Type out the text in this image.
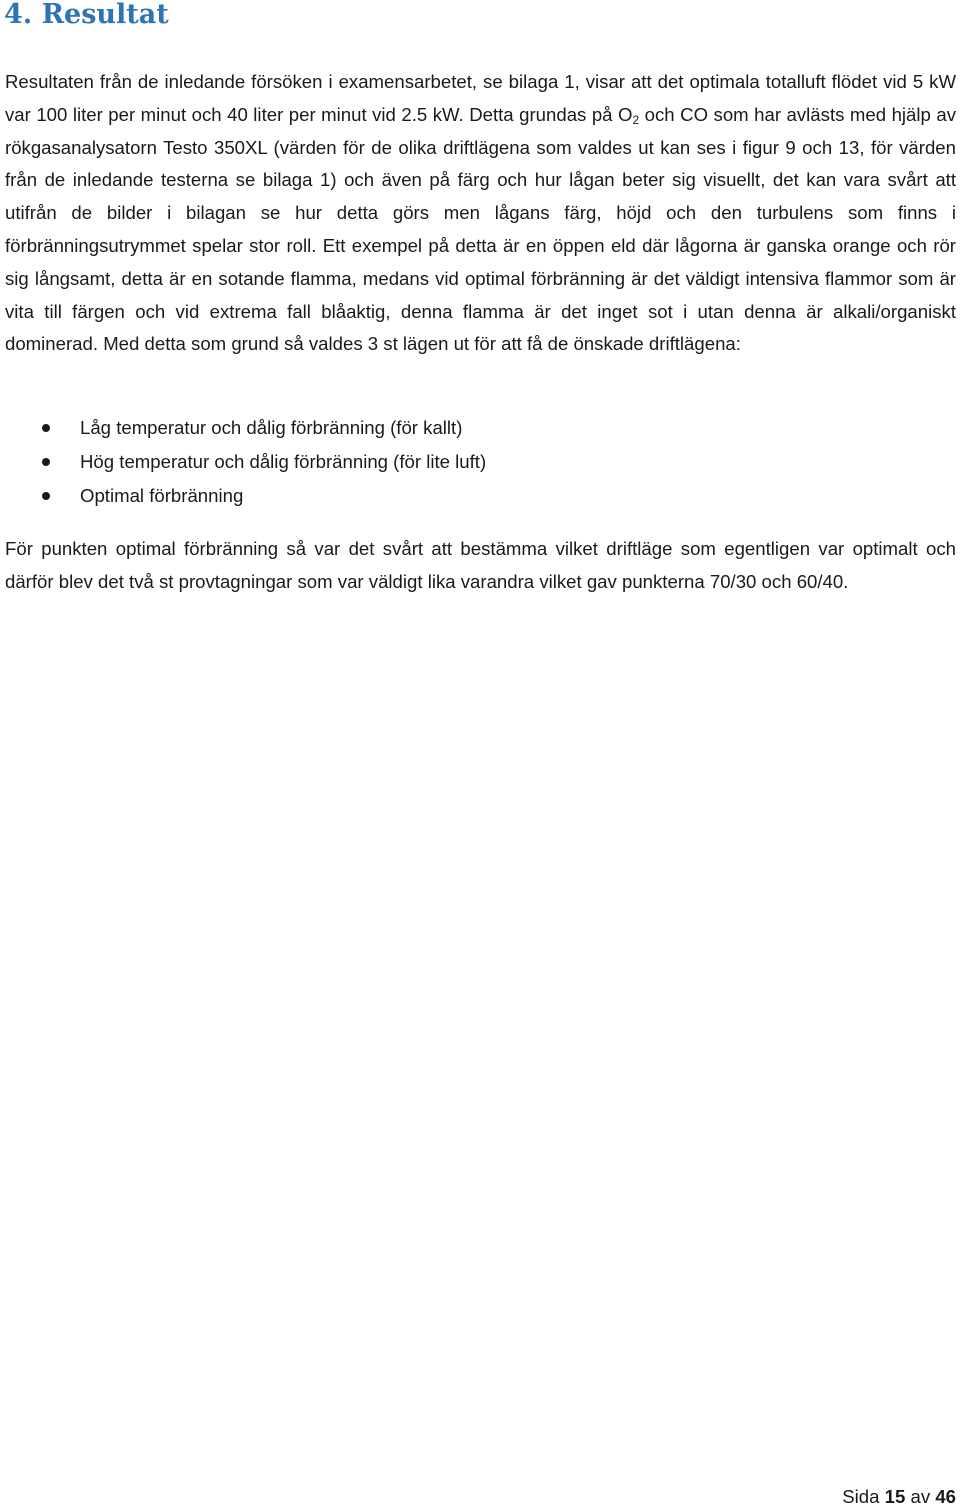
4. Resultat

Resultaten från de inledande försöken i examensarbetet, se bilaga 1, visar att det optimala totalluft flödet vid 5 kW var 100 liter per minut och 40 liter per minut vid 2.5 kW. Detta grundas på $O_2$ och CO som har avlästs med hjälp av rökgasanalysatorn Testo 350XL (värden för de olika driftlägena som valdes ut kan ses i figur 9 och 13, för värden från de inledande testerna se bilaga 1) och även på färg och hur lågan beter sig visuellt, det kan vara svårt att utifrån de bilder i bilagan se hur detta görs men lågans färg, höjd och den turbulens som finns i förbränningsutrymmet spelar stor roll. Ett exempel på detta är en öppen eld där lågorna är ganska orange och rör sig långsamt, detta är en sotande flamma, medans vid optimal förbränning är det väldigt intensiva flammor som är vita till färgen och vid extrema fall blåaktig, denna flamma är det inget sot i utan denna är alkali/organiskt dominerad. Med detta som grund så valdes 3 st lägen ut för att få de önskade driftlägena:

Låg temperatur och dålig förbränning (för kallt)
Hög temperatur och dålig förbränning (för lite luft)
Optimal förbränning

För punkten optimal förbränning så var det svårt att bestämma vilket driftläge som egentligen var optimalt och därför blev det två st provtagningar som var väldigt lika varandra vilket gav punkterna 70/30 och 60/40.

Sida 15 av 46
